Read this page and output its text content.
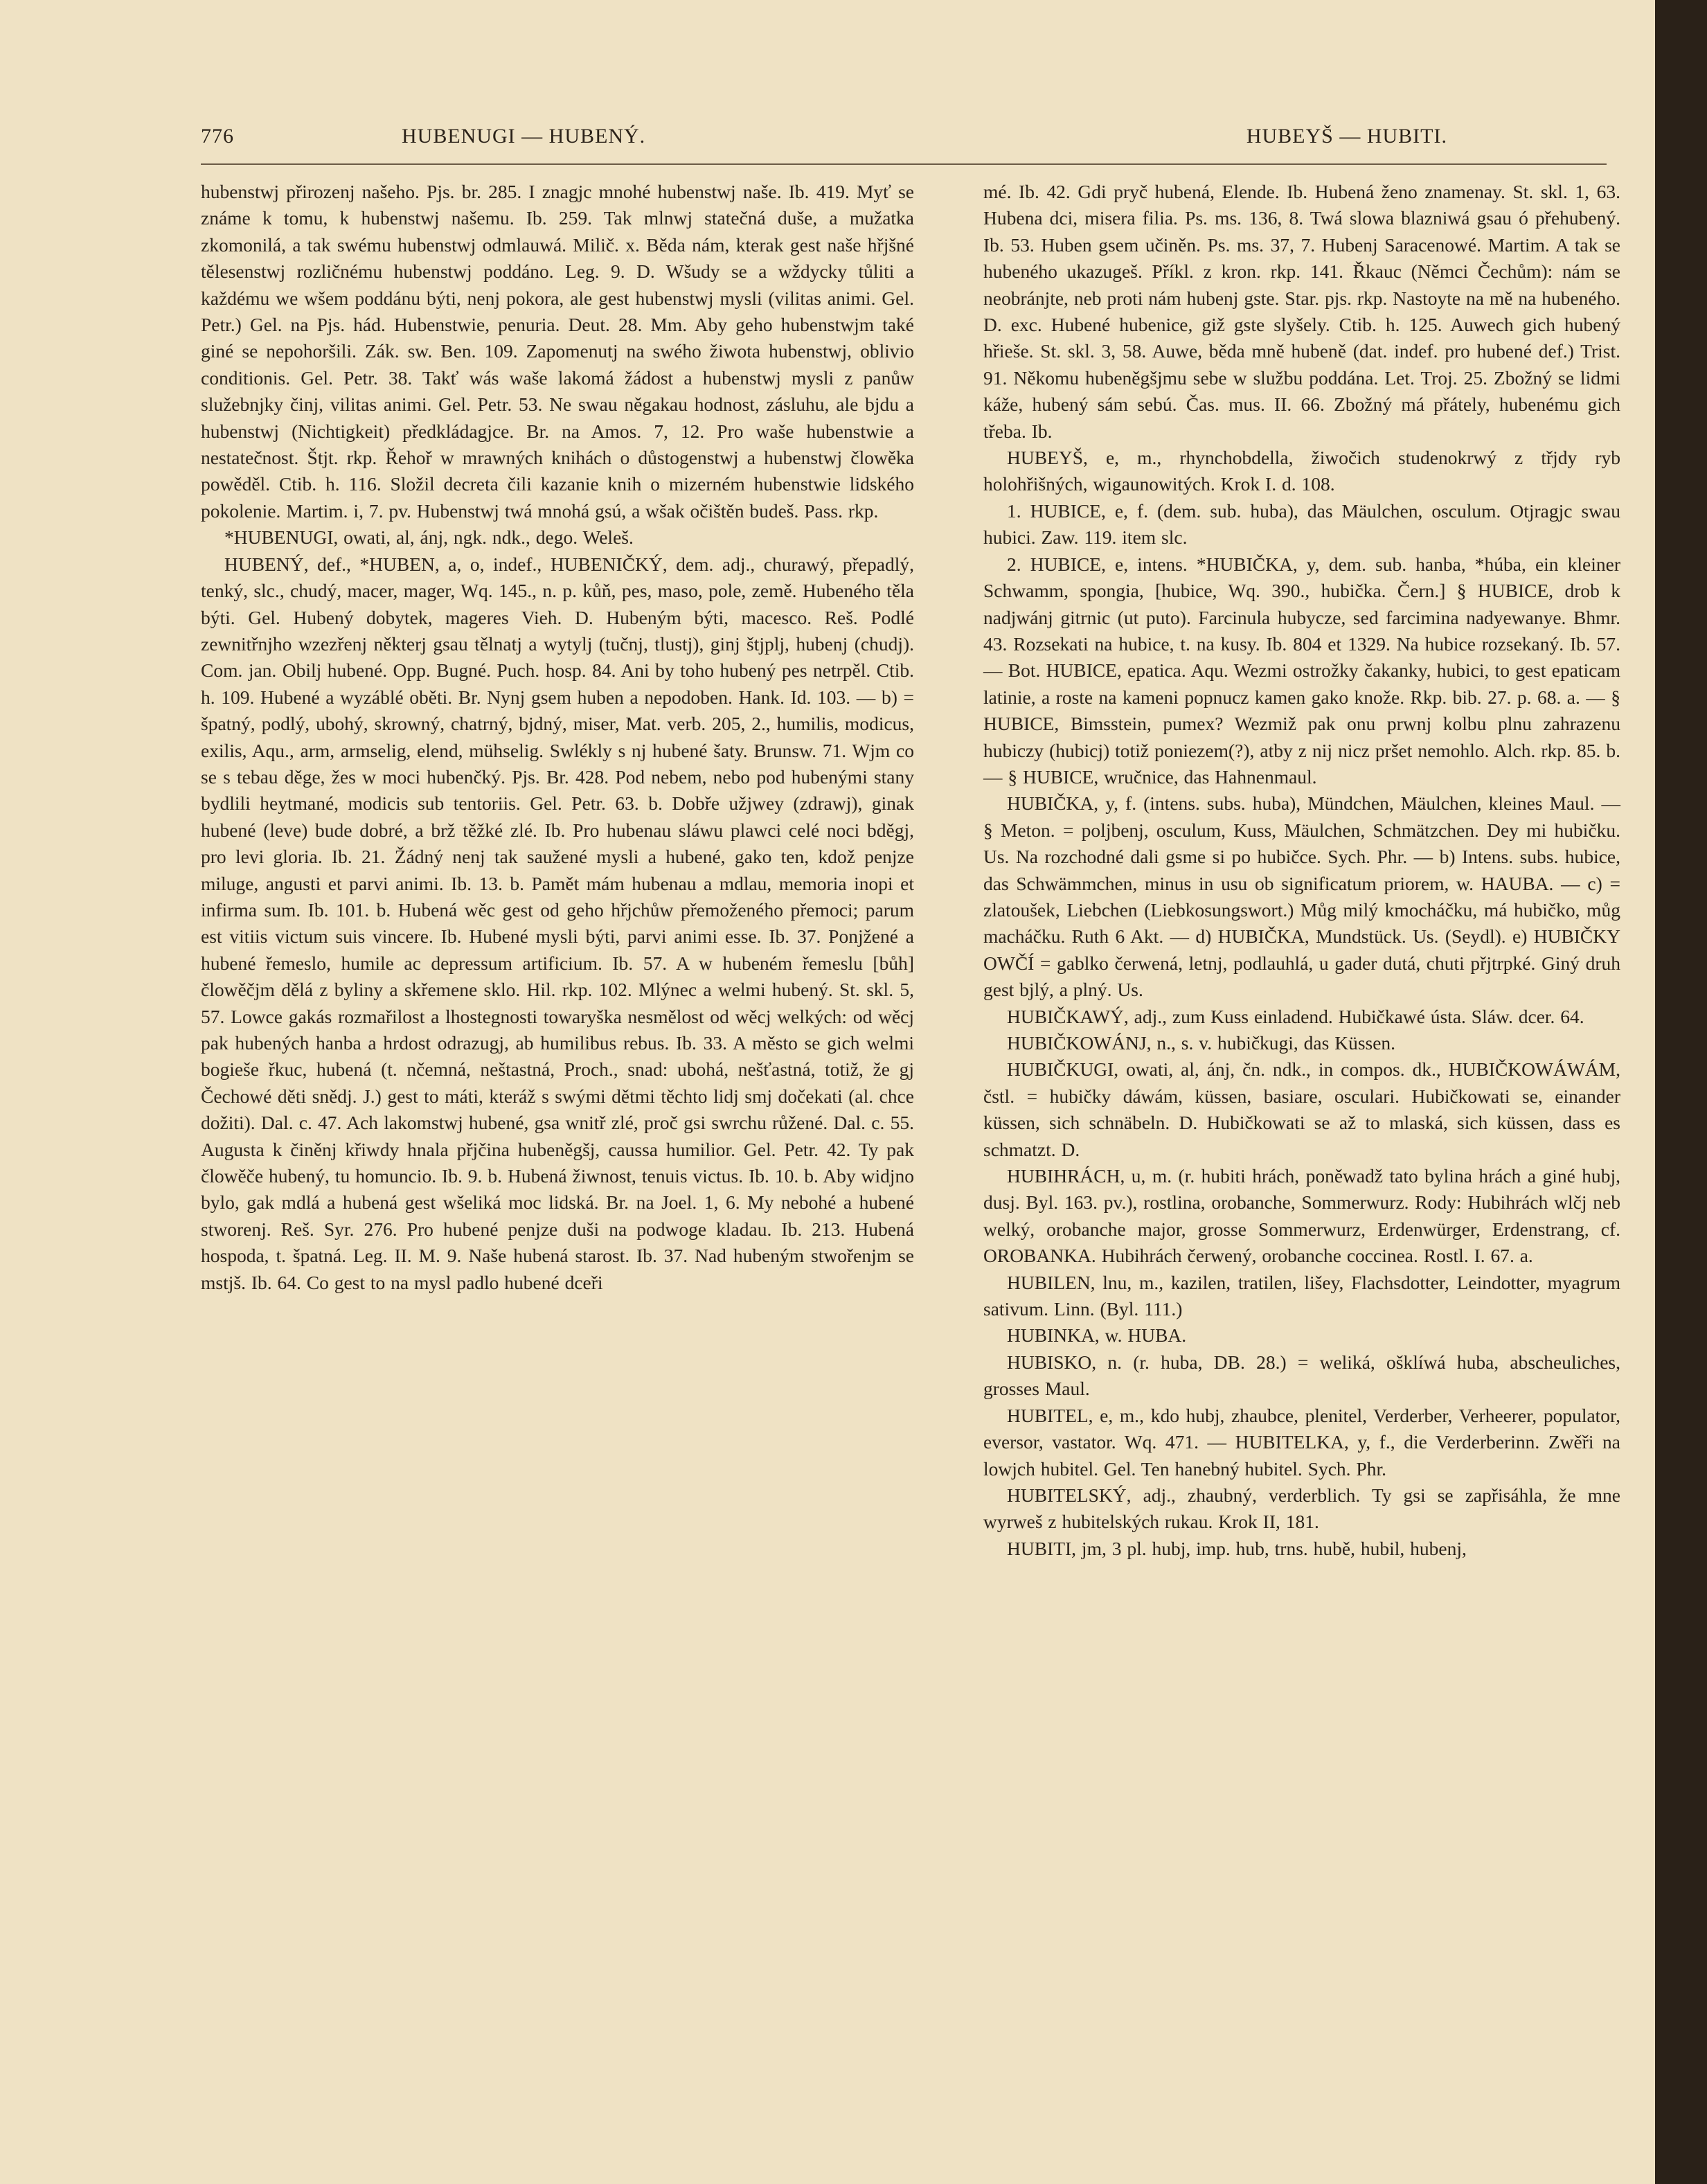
776	HUBENUGI — HUBENÝ.	HUBEYŠ — HUBITI.

hubenstwj přirozenj našeho. Pjs. br. 285. I znagjc mnohé hubenstwj naše. Ib. 419. Myť se známe k tomu, k hubenstwj našemu. Ib. 259. Tak mlnwj statečná duše, a mužatka zkomonilá, a tak swému hubenstwj odmlauwá. Milič. x. Běda nám, kterak gest naše hřjšné tělesenstwj rozličnému hubenstwj poddáno. Leg. 9. D. Wšudy se a wždycky tůliti a každému we wšem poddánu býti, nenj pokora, ale gest hubenstwj mysli (vilitas animi. Gel. Petr.) Gel. na Pjs. hád. Hubenstwie, penuria. Deut. 28. Mm. Aby geho hubenstwjm také giné se nepohoršili. Zák. sw. Ben. 109. Zapomenutj na swého žiwota hubenstwj, oblivio conditionis. Gel. Petr. 38. Takť wás waše lakomá žádost a hubenstwj mysli z panůw služebnjky činj, vilitas animi. Gel. Petr. 53. Ne swau něgakau hodnost, zásluhu, ale bjdu a hubenstwj (Nichtigkeit) předkládagjce. Br. na Amos. 7, 12. Pro waše hubenstwie a nestatečnost. Štjt. rkp. Řehoř w mrawných knihách o důstogenstwj a hubenstwj člowěka powěděl. Ctib. h. 116. Složil decreta čili kazanie knih o mizerném hubenstwie lidského pokolenie. Martim. i, 7. pv. Hubenstwj twá mnohá gsú, a wšak očištěn budeš. Pass. rkp.

*HUBENUGI, owati, al, ánj, ngk. ndk., dego. Weleš.

HUBENÝ, def., *HUBEN, a, o, indef., HUBENIČKÝ, dem. adj., churawý, přepadlý, tenký, slc., chudý, macer, mager, Wq. 145., n. p. kůň, pes, maso, pole, země. Hubeného těla býti. Gel. Hubený dobytek, mageres Vieh. D. Hubeným býti, macesco. Reš. Podlé zewnitřnjho wzezřenj některj gsau tělnatj a wytylj (tučnj, tlustj), ginj štjplj, hubenj (chudj). Com. jan. Obilj hubené. Opp. Bugné. Puch. hosp. 84. Ani by toho hubený pes netrpěl. Ctib. h. 109. Hubené a wyzáblé oběti. Br. Nynj gsem huben a nepodoben. Hank. Id. 103. — b) = špatný, podlý, ubohý, skrowný, chatrný, bjdný, miser, Mat. verb. 205, 2., humilis, modicus, exilis, Aqu., arm, armselig, elend, mühselig. Swlékly s nj hubené šaty. Brunsw. 71. Wjm co se s tebau děge, žes w moci hubenčký. Pjs. Br. 428. Pod nebem, nebo pod hubenými stany bydlili heytmané, modicis sub tentoriis. Gel. Petr. 63. b. Dobře užjwey (zdrawj), ginak hubené (leve) bude dobré, a brž těžké zlé. Ib. Pro hubenau sláwu plawci celé noci bděgj, pro levi gloria. Ib. 21. Žádný nenj tak saužené mysli a hubené, gako ten, kdož penjze miluge, angusti et parvi animi. Ib. 13. b. Pamět mám hubenau a mdlau, memoria inopi et infirma sum. Ib. 101. b. Hubená wěc gest od geho hřjchůw přemoženého přemoci; parum est vitiis victum suis vincere. Ib. Hubené mysli býti, parvi animi esse. Ib. 37. Ponjžené a hubené řemeslo, humile ac depressum artificium. Ib. 57. A w hubeném řemeslu [bůh] člowěčjm dělá z byliny a skřemene sklo. Hil. rkp. 102. Mlýnec a welmi hubený. St. skl. 5, 57. Lowce gakás rozmařilost a lhostegnosti towaryška nesmělost od wěcj welkých: od wěcj pak hubených hanba a hrdost odrazugj, ab humilibus rebus. Ib. 33. A město se gich welmi bogieše řkuc, hubená (t. nčemná, neštastná, Proch., snad: ubohá, nešťastná, totiž, že gj Čechowé děti snědj. J.) gest to máti, kteráž s swými dětmi těchto lidj smj dočekati (al. chce dožiti). Dal. c. 47. Ach lakomstwj hubené, gsa wnitř zlé, proč gsi swrchu růžené. Dal. c. 55. Augusta k činěnj křiwdy hnala přjčina hubeněgšj, caussa humilior. Gel. Petr. 42. Ty pak člowěče hubený, tu homuncio. Ib. 9. b. Hubená žiwnost, tenuis victus. Ib. 10. b. Aby widjno bylo, gak mdlá a hubená gest wšeliká moc lidská. Br. na Joel. 1, 6. My nebohé a hubené stworenj. Reš. Syr. 276. Pro hubené penjze duši na podwoge kladau. Ib. 213. Hubená hospoda, t. špatná. Leg. II. M. 9. Naše hubená starost. Ib. 37. Nad hubeným stwořenjm se mstjš. Ib. 64. Co gest to na mysl padlo hubené dceři

mé. Ib. 42. Gdi pryč hubená, Elende. Ib. Hubená ženo znamenay. St. skl. 1, 63. Hubena dci, misera filia. Ps. ms. 136, 8. Twá slowa blazniwá gsau ó přehubený. Ib. 53. Huben gsem učiněn. Ps. ms. 37, 7. Hubenj Saracenowé. Martim. A tak se hubeného ukazugeš. Příkl. z kron. rkp. 141. Řkauc (Němci Čechům): nám se neobránjte, neb proti nám hubenj gste. Star. pjs. rkp. Nastoyte na mě na hubeného. D. exc. Hubené hubenice, giž gste slyšely. Ctib. h. 125. Auwech gich hubený hřieše. St. skl. 3, 58. Auwe, běda mně hubeně (dat. indef. pro hubené def.) Trist. 91. Někomu hubeněgšjmu sebe w službu poddána. Let. Troj. 25. Zbožný se lidmi káže, hubený sám sebú. Čas. mus. II. 66. Zbožný má přátely, hubenému gich třeba. Ib.

HUBEYŠ, e, m., rhynchobdella, žiwočich studenokrwý z třjdy ryb holohřišných, wigaunowitých. Krok I. d. 108.

1. HUBICE, e, f. (dem. sub. huba), das Mäulchen, osculum. Otjragjc swau hubici. Zaw. 119. item slc.

2. HUBICE, e, intens. *HUBIČKA, y, dem. sub. hanba, *húba, ein kleiner Schwamm, spongia, [hubice, Wq. 390., hubička. Čern.] § HUBICE, drob k nadjwánj gitrnic (ut puto). Farcinula hubycze, sed farcimina nadyewanye. Bhmr. 43. Rozsekati na hubice, t. na kusy. Ib. 804 et 1329. Na hubice rozsekaný. Ib. 57. — Bot. HUBICE, epatica. Aqu. Wezmi ostrožky čakanky, hubici, to gest epaticam latinie, a roste na kameni popnucz kamen gako knože. Rkp. bib. 27. p. 68. a. — § HUBICE, Bimsstein, pumex? Wezmiž pak onu prwnj kolbu plnu zahrazenu hubiczy (hubicj) totiž poniezem(?), atby z nij nicz pršet nemohlo. Alch. rkp. 85. b. — § HUBICE, wručnice, das Hahnenmaul.

HUBIČKA, y, f. (intens. subs. huba), Mündchen, Mäulchen, kleines Maul. — § Meton. = poljbenj, osculum, Kuss, Mäulchen, Schmätzchen. Dey mi hubičku. Us. Na rozchodné dali gsme si po hubičce. Sych. Phr. — b) Intens. subs. hubice, das Schwämmchen, minus in usu ob significatum priorem, w. HAUBA. — c) = zlatoušek, Liebchen (Liebkosungswort.) Můg milý kmocháčku, má hubičko, můg macháčku. Ruth 6 Akt. — d) HUBIČKA, Mundstück. Us. (Seydl). e) HUBIČKY OWČÍ = gablko čerwená, letnj, podlauhlá, u gader dutá, chuti přjtrpké. Giný druh gest bjlý, a plný. Us.

HUBIČKAWÝ, adj., zum Kuss einladend. Hubičkawé ústa. Sláw. dcer. 64.

HUBIČKOWÁNJ, n., s. v. hubičkugi, das Küssen.

HUBIČKUGI, owati, al, ánj, čn. ndk., in compos. dk., HUBIČKOWÁWÁM, čstl. = hubičky dáwám, küssen, basiare, osculari. Hubičkowati se, einander küssen, sich schnäbeln. D. Hubičkowati se až to mlaská, sich küssen, dass es schmatzt. D.

HUBIHRÁCH, u, m. (r. hubiti hrách, poněwadž tato bylina hrách a giné hubj, dusj. Byl. 163. pv.), rostlina, orobanche, Sommerwurz. Rody: Hubihrách wlčj neb welký, orobanche major, grosse Sommerwurz, Erdenwürger, Erdenstrang, cf. OROBANKA. Hubihrách čerwený, orobanche coccinea. Rostl. I. 67. a.

HUBILEN, lnu, m., kazilen, tratilen, lišey, Flachsdotter, Leindotter, myagrum sativum. Linn. (Byl. 111.)

HUBINKA, w. HUBA.

HUBISKO, n. (r. huba, DB. 28.) = weliká, ošklíwá huba, abscheuliches, grosses Maul.

HUBITEL, e, m., kdo hubj, zhaubce, plenitel, Verderber, Verheerer, populator, eversor, vastator. Wq. 471. — HUBITELKA, y, f., die Verderberinn. Zwěři na lowjch hubitel. Gel. Ten hanebný hubitel. Sych. Phr.

HUBITELSKÝ, adj., zhaubný, verderblich. Ty gsi se zapřisáhla, že mne wyrweš z hubitelských rukau. Krok II, 181.

HUBITI, jm, 3 pl. hubj, imp. hub, trns. hubě, hubil, hubenj,
